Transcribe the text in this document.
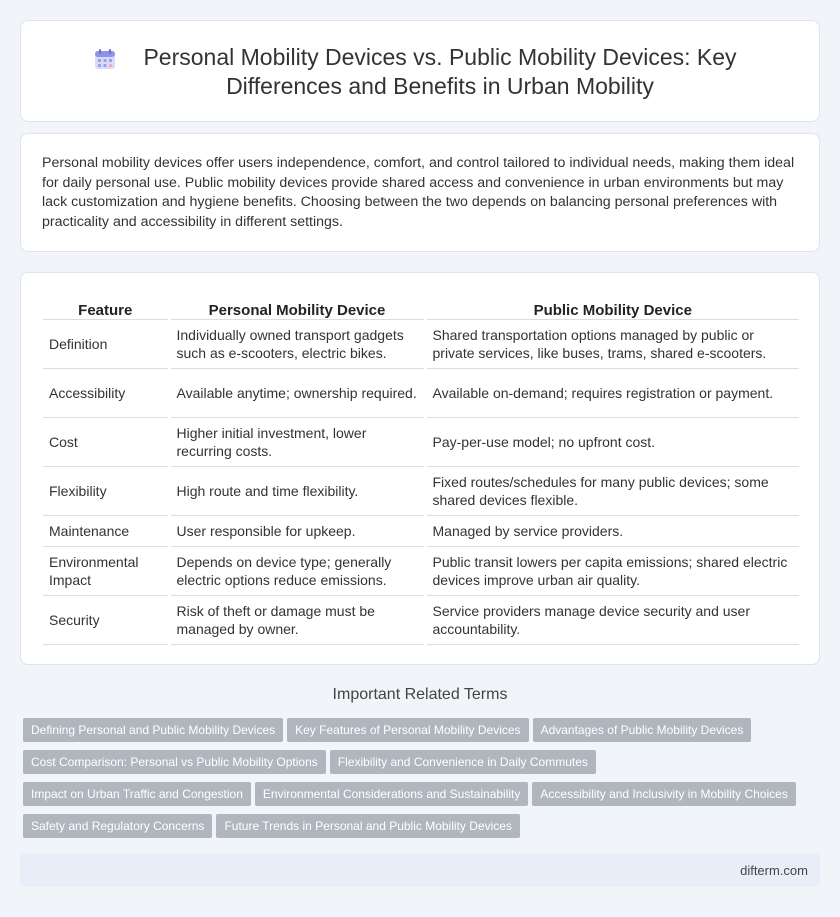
Personal Mobility Devices vs. Public Mobility Devices: Key Differences and Benefits in Urban Mobility

Personal mobility devices offer users independence, comfort, and control tailored to individual needs, making them ideal for daily personal use. Public mobility devices provide shared access and convenience in urban environments but may lack customization and hygiene benefits. Choosing between the two depends on balancing personal preferences with practicality and accessibility in different settings.

Feature	Personal Mobility Device	Public Mobility Device
Definition	Individually owned transport gadgets such as e-scooters, electric bikes.	Shared transportation options managed by public or private services, like buses, trams, shared e-scooters.
Accessibility	Available anytime; ownership required.	Available on-demand; requires registration or payment.
Cost	Higher initial investment, lower recurring costs.	Pay-per-use model; no upfront cost.
Flexibility	High route and time flexibility.	Fixed routes/schedules for many public devices; some shared devices flexible.
Maintenance	User responsible for upkeep.	Managed by service providers.
Environmental Impact	Depends on device type; generally electric options reduce emissions.	Public transit lowers per capita emissions; shared electric devices improve urban air quality.
Security	Risk of theft or damage must be managed by owner.	Service providers manage device security and user accountability.
Important Related Terms
Defining Personal and Public Mobility Devices Key Features of Personal Mobility Devices Advantages of Public Mobility Devices
Cost Comparison: Personal vs Public Mobility Options Flexibility and Convenience in Daily Commutes
Impact on Urban Traffic and Congestion Environmental Considerations and Sustainability Accessibility and Inclusivity in Mobility Choices
Safety and Regulatory Concerns Future Trends in Personal and Public Mobility Devices
difterm.com
